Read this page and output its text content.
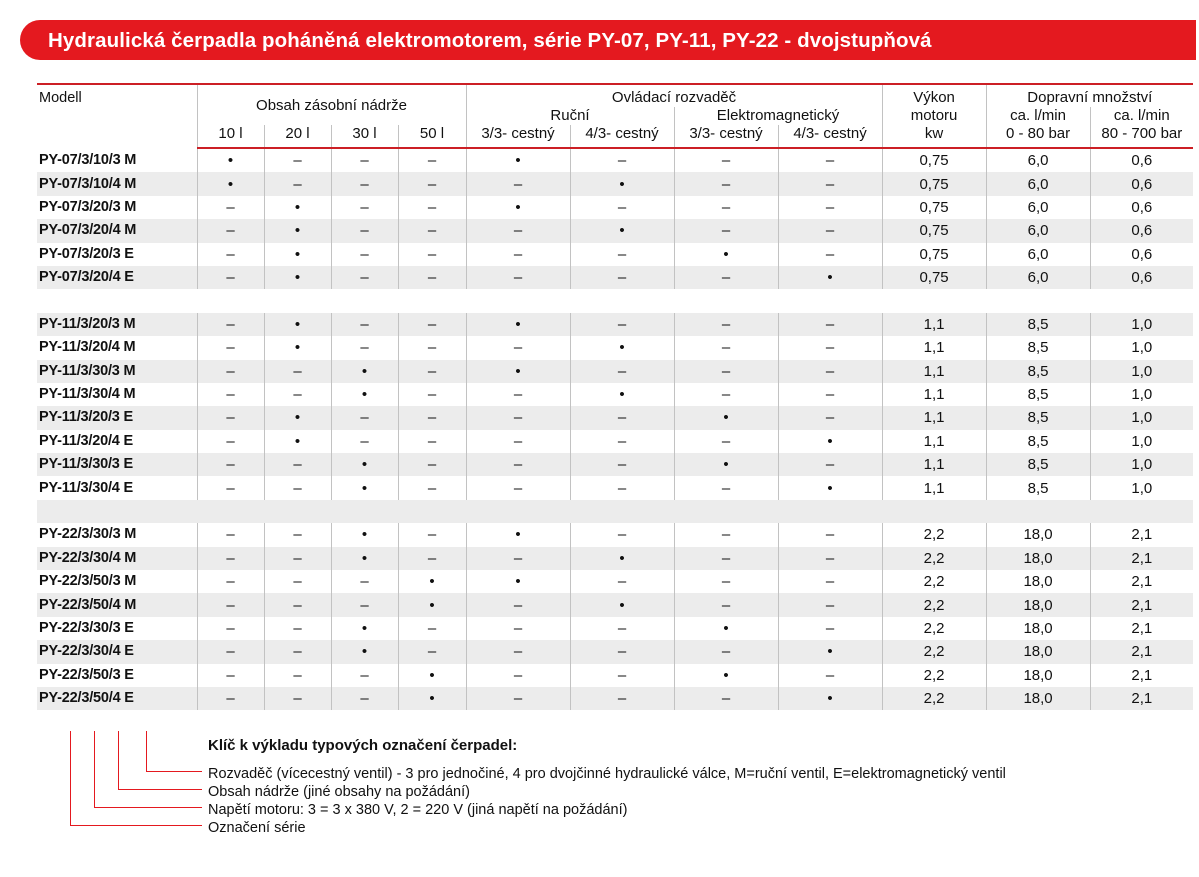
Hydraulická čerpadla poháněná elektromotorem, série PY-07, PY-11, PY-22 - dvojstupňová
Modell	Obsah zásobní nádrže				Ovládací rozvaděč				Výkon	Dopravní množství	
					Ruční		Elektromagnetický		motoru	ca. l/min	ca. l/min
	10 l	20 l	30 l	50 l	3/3- cestný	4/3- cestný	3/3- cestný	4/3- cestný	kw	0 - 80 bar	80 - 700 bar
PY-07/3/10/3 M	•	–	–	–	•	–	–	–	0,75	6,0	0,6
PY-07/3/10/4 M	•	–	–	–	–	•	–	–	0,75	6,0	0,6
PY-07/3/20/3 M	–	•	–	–	•	–	–	–	0,75	6,0	0,6
PY-07/3/20/4 M	–	•	–	–	–	•	–	–	0,75	6,0	0,6
PY-07/3/20/3 E	–	•	–	–	–	–	•	–	0,75	6,0	0,6
PY-07/3/20/4 E	–	•	–	–	–	–	–	•	0,75	6,0	0,6

PY-11/3/20/3 M	–	•	–	–	•	–	–	–	1,1	8,5	1,0
PY-11/3/20/4 M	–	•	–	–	–	•	–	–	1,1	8,5	1,0
PY-11/3/30/3 M	–	–	•	–	•	–	–	–	1,1	8,5	1,0
PY-11/3/30/4 M	–	–	•	–	–	•	–	–	1,1	8,5	1,0
PY-11/3/20/3 E	–	•	–	–	–	–	•	–	1,1	8,5	1,0
PY-11/3/20/4 E	–	•	–	–	–	–	–	•	1,1	8,5	1,0
PY-11/3/30/3 E	–	–	•	–	–	–	•	–	1,1	8,5	1,0
PY-11/3/30/4 E	–	–	•	–	–	–	–	•	1,1	8,5	1,0

PY-22/3/30/3 M	–	–	•	–	•	–	–	–	2,2	18,0	2,1
PY-22/3/30/4 M	–	–	•	–	–	•	–	–	2,2	18,0	2,1
PY-22/3/50/3 M	–	–	–	•	•	–	–	–	2,2	18,0	2,1
PY-22/3/50/4 M	–	–	–	•	–	•	–	–	2,2	18,0	2,1
PY-22/3/30/3 E	–	–	•	–	–	–	•	–	2,2	18,0	2,1
PY-22/3/30/4 E	–	–	•	–	–	–	–	•	2,2	18,0	2,1
PY-22/3/50/3 E	–	–	–	•	–	–	•	–	2,2	18,0	2,1
PY-22/3/50/4 E	–	–	–	•	–	–	–	•	2,2	18,0	2,1
Klíč k výkladu typových označení čerpadel:
Rozvaděč (vícecestný ventil) - 3 pro jednočiné, 4 pro dvojčinné hydraulické válce, M=ruční ventil, E=elektromagnetický ventil
Obsah nádrže (jiné obsahy na požádání)
Napětí motoru: 3 = 3 x 380 V, 2 = 220 V (jiná napětí na požádání)
Označení série
